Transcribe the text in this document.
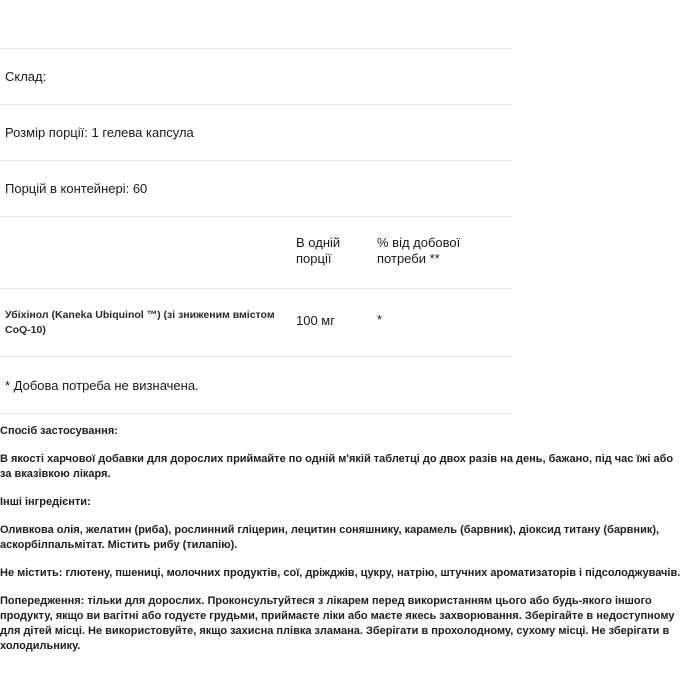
Склад:
Розмір порції: 1 гелева капсула
Порцій в контейнері: 60
В одній порції
% від добової потреби **
Убіхінол (Kaneka Ubiquinol ™) (зі зниженим вмістом CoQ-10)
100 мг	*
* Добова потреба не визначена.

Спосіб застосування:

В якості харчової добавки для дорослих приймайте по одній м'якій таблетці до двох разів на день, бажано, під час їжі або за вказівкою лікаря.

Інші інгредієнти:

Оливкова олія, желатин (риба), рослинний гліцерин, лецитин соняшнику, карамель (барвник), діоксид титану (барвник), аскорбілпальмітат. Містить рибу (тилапію).

Не містить: глютену, пшениці, молочних продуктів, сої, дріжджів, цукру, натрію, штучних ароматизаторів і підсолоджувачів.

Попередження: тільки для дорослих. Проконсультуйтеся з лікарем перед використанням цього або будь-якого іншого продукту, якщо ви вагітні або годуєте грудьми, приймаєте ліки або маєте якесь захворювання. Зберігайте в недоступному для дітей місці. Не використовуйте, якщо захисна плівка зламана. Зберігати в прохолодному, сухому місці. Не зберігати в холодильнику.
